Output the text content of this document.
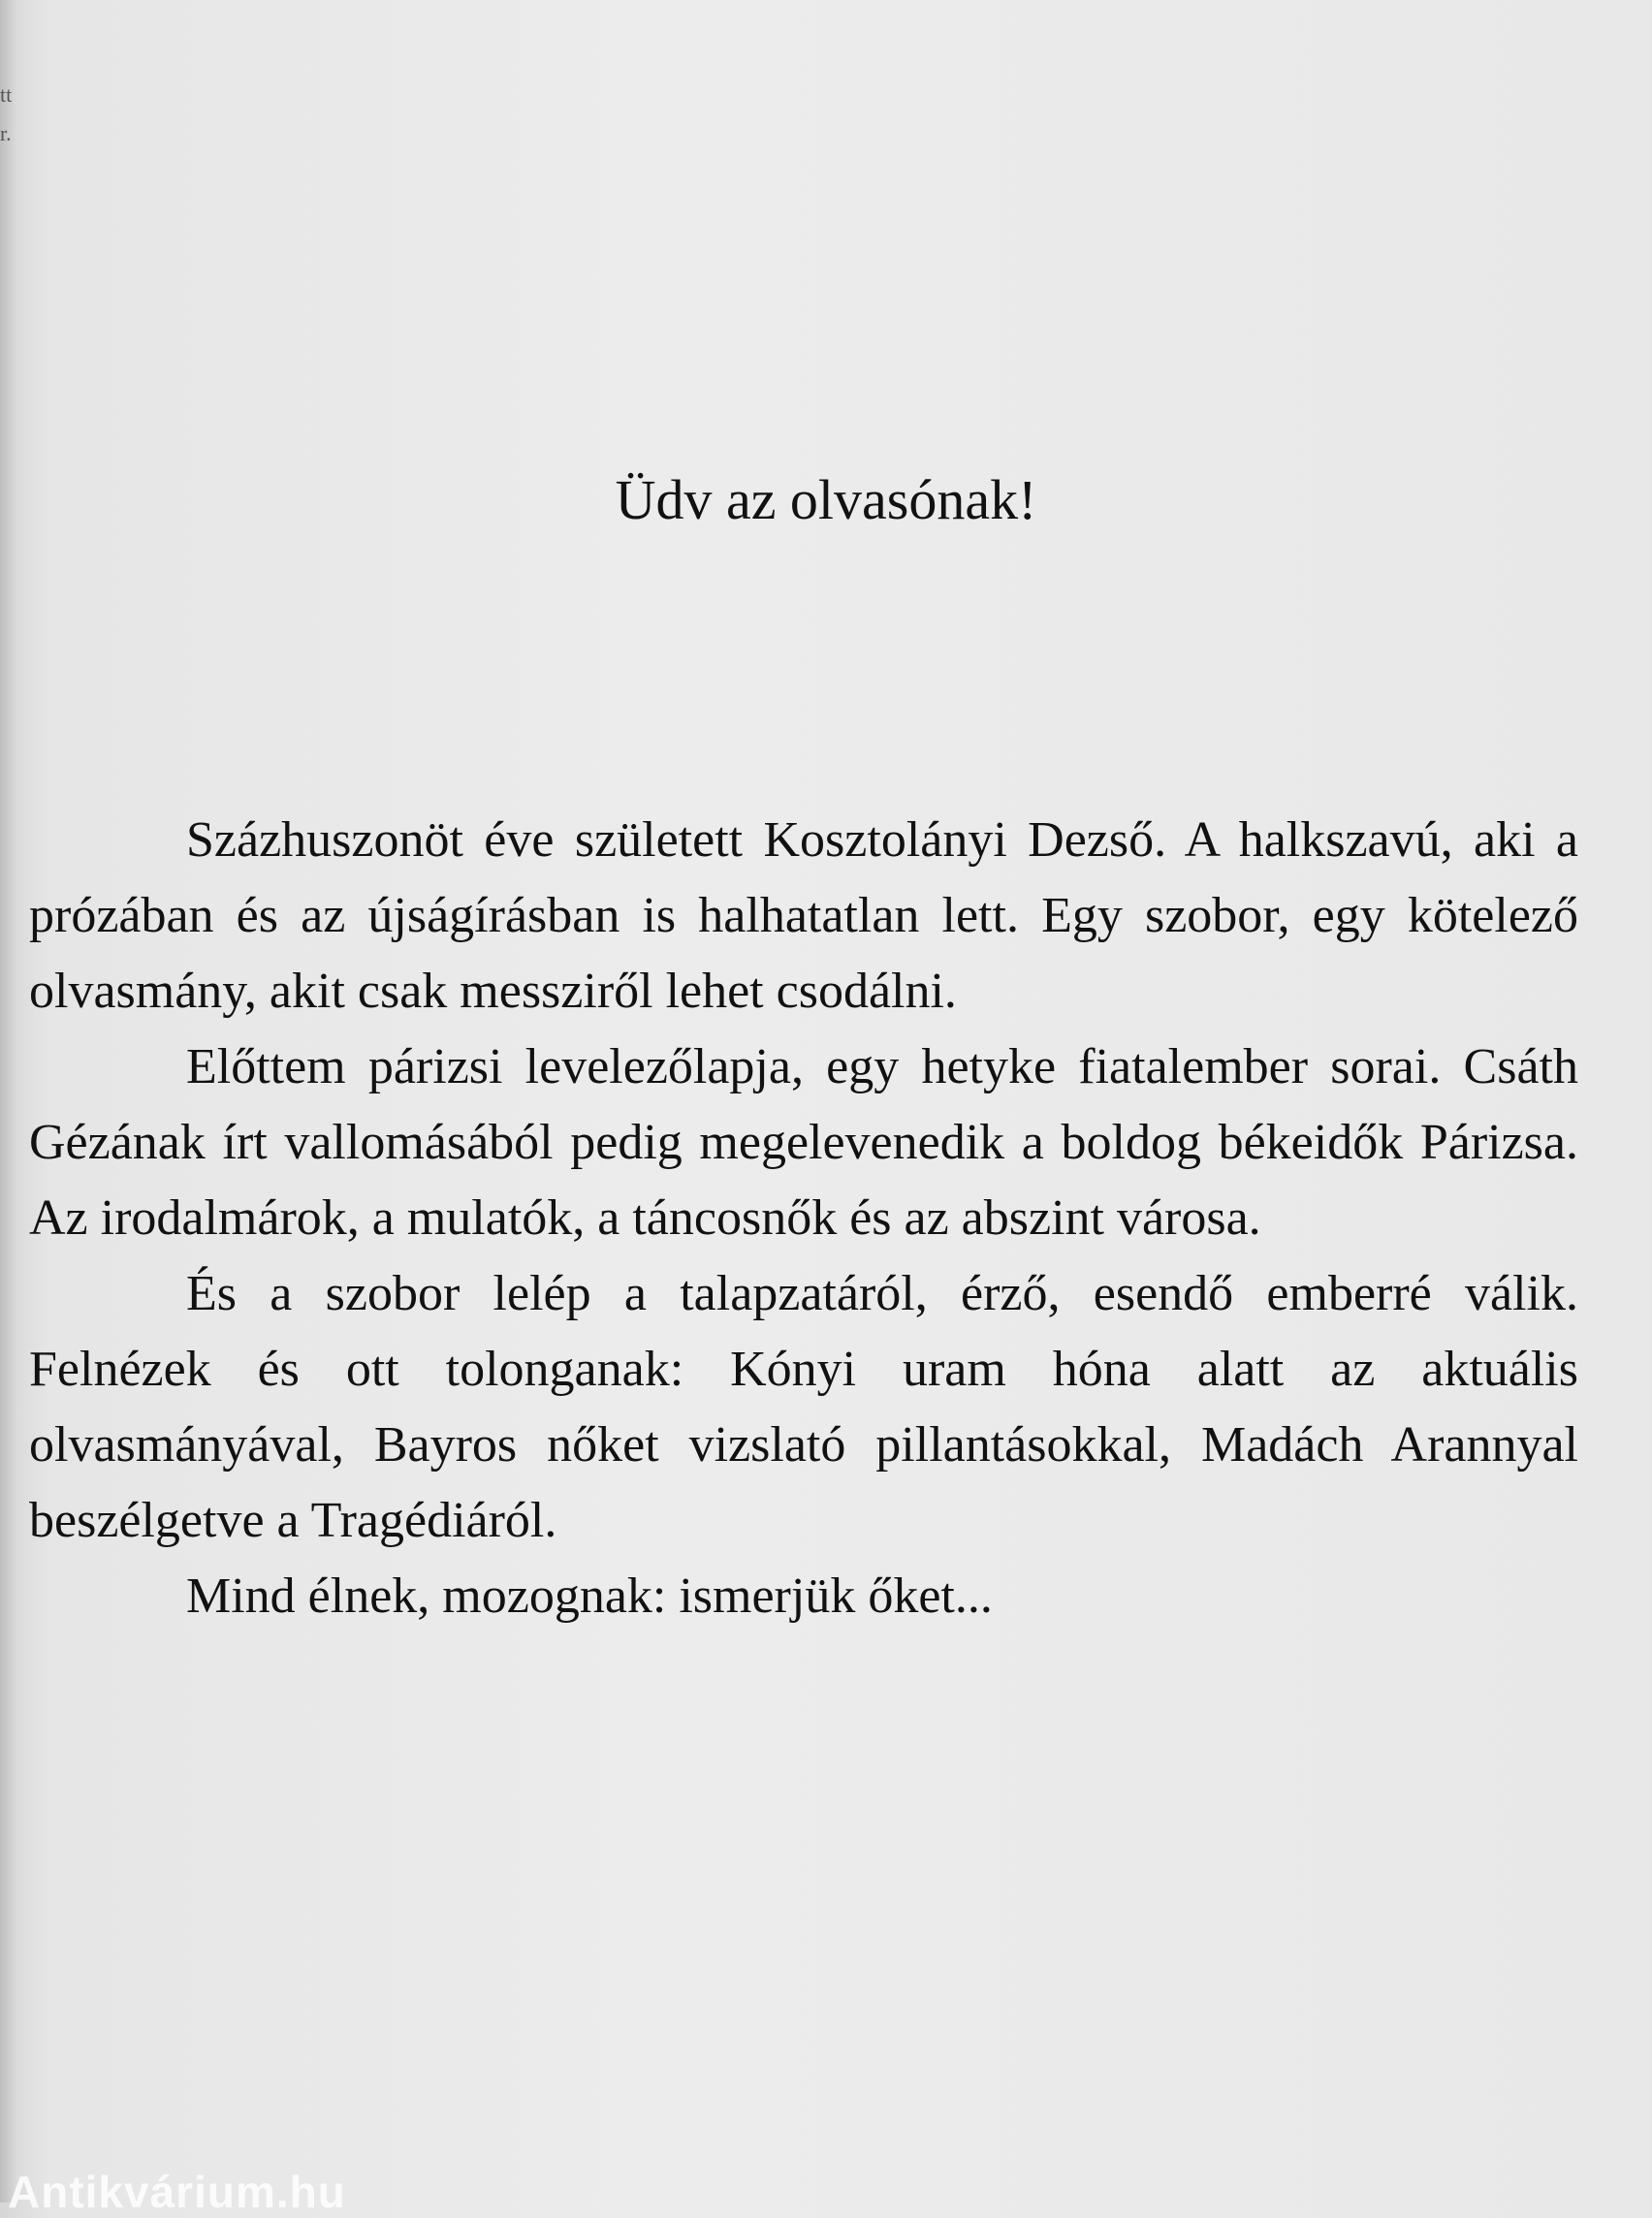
tt
r.
Üdv az olvasónak!

Százhuszonöt éve született Kosztolányi Dezső. A halkszavú, aki a prózában és az újságírásban is halhatatlan lett. Egy szobor, egy kötelező olvasmány, akit csak messziről lehet csodálni.

Előttem párizsi levelezőlapja, egy hetyke fiatalember sorai. Csáth Gézának írt vallomásából pedig megelevenedik a boldog békeidők Párizsa. Az irodalmárok, a mulatók, a táncosnők és az abszint városa.

És a szobor lelép a talapzatáról, érző, esendő emberré válik. Felnézek és ott tolonganak: Kónyi uram hóna alatt az aktuális olvasmányával, Bayros nőket vizslató pillantásokkal, Madách Arannyal beszélgetve a Tragédiáról.

Mind élnek, mozognak: ismerjük őket...

Antikvárium.hu
